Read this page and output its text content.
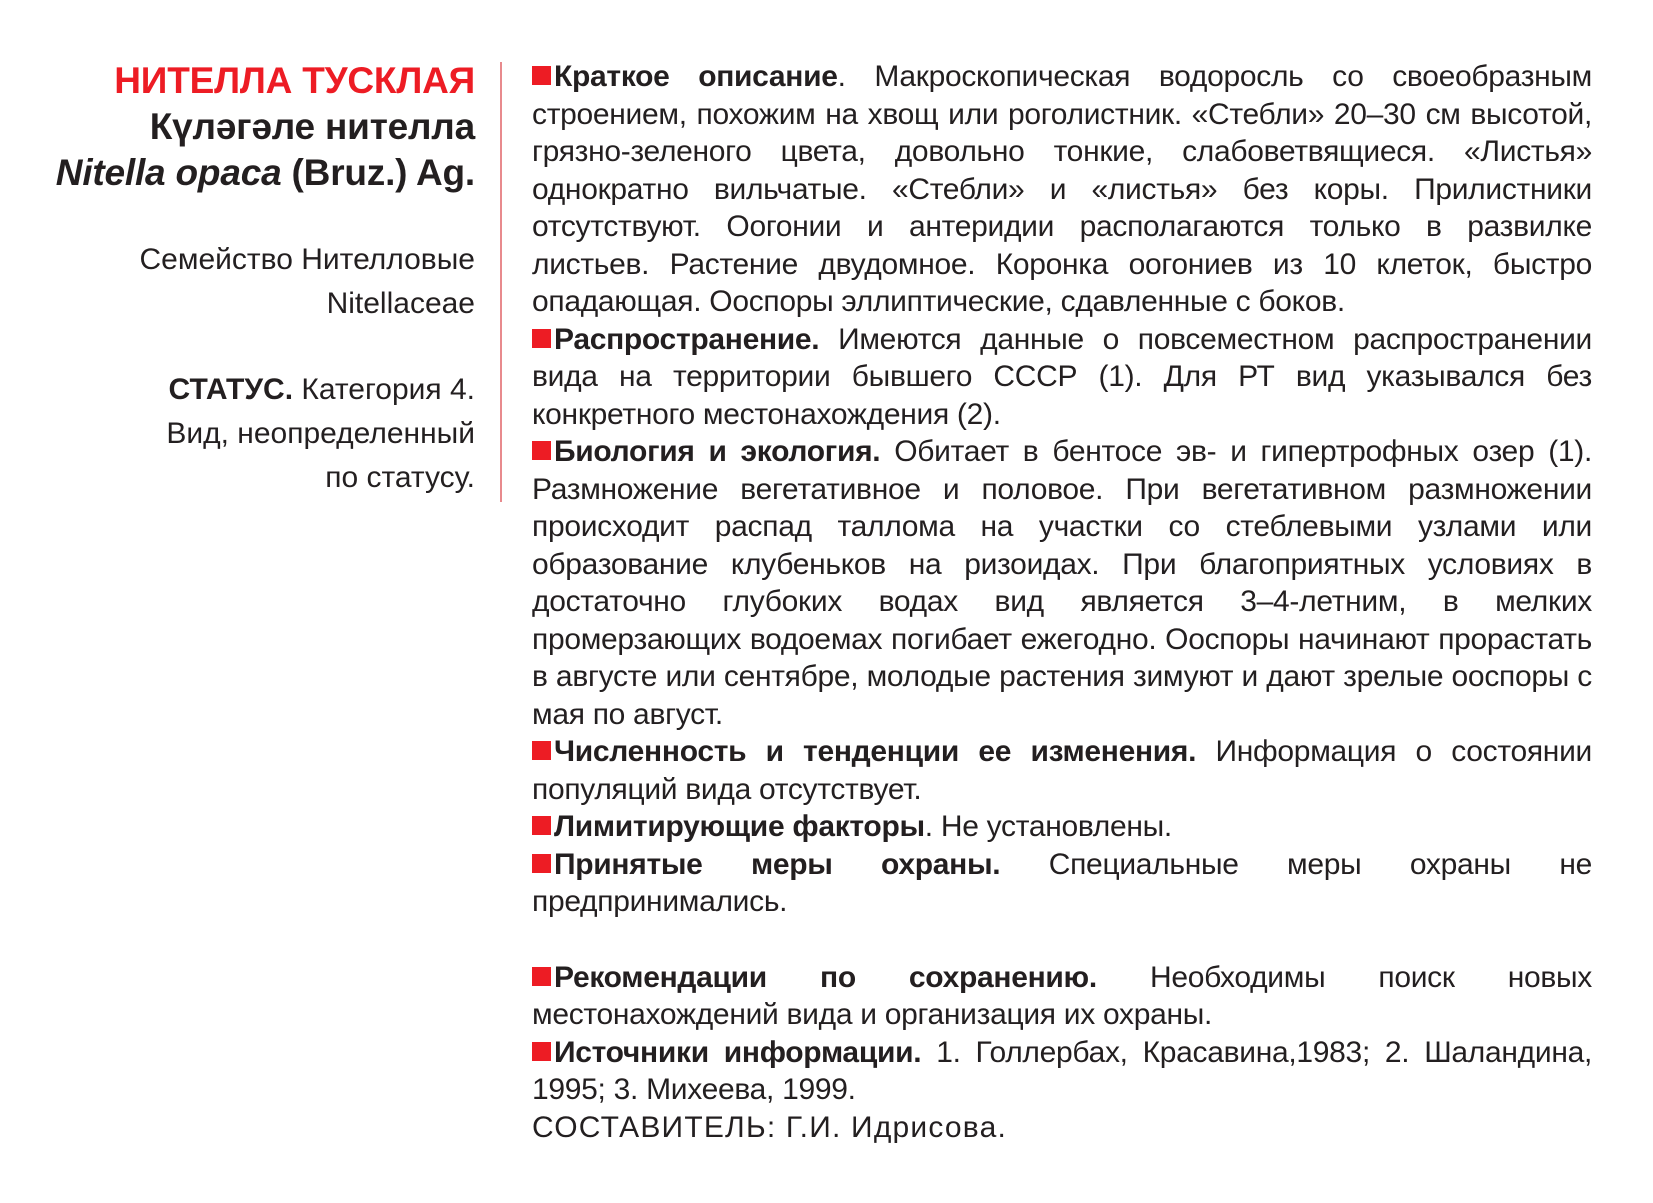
НИТЕЛЛА ТУСКЛАЯ
Күләгәле нителла
Nitella opaca (Bruz.) Ag.
Семейство Нителловые
Nitellaceae
СТАТУС. Категория 4.
Вид, неопределенный
по статусу.

Краткое описание. Макроскопическая водоросль со своеобразным строением, похожим на хвощ или роголистник. «Стебли» 20–30 см высотой, грязно-зеленого цвета, довольно тонкие, слабоветвящиеся. «Листья» однократно вильчатые. «Стебли» и «листья» без коры. Прилистники отсутствуют. Оогонии и антеридии располагаются только в развилке листьев. Растение двудомное. Коронка оогониев из 10 клеток, быстро опадающая. Ооспоры эллиптические, сдавленные с боков.

Распространение. Имеются данные о повсеместном распространении вида на территории бывшего СССР (1). Для РТ вид указывался без конкретного местонахождения (2).

Биология и экология. Обитает в бентосе эв- и гипертрофных озер (1). Размножение вегетативное и половое. При вегетативном размножении происходит распад таллома на участки со стеблевыми узлами или образование клубеньков на ризоидах. При благоприятных условиях в достаточно глубоких водах вид является 3–4-летним, в мелких промерзающих водоемах погибает ежегодно. Ооспоры начинают прорастать в августе или сентябре, молодые растения зимуют и дают зрелые ооспоры с мая по август.

Численность и тенденции ее изменения. Информация о состоянии популяций вида отсутствует.

Лимитирующие факторы. Не установлены.

Принятые меры охраны. Специальные меры охраны не предпринимались.

Рекомендации по сохранению. Необходимы поиск новых местонахождений вида и организация их охраны.

Источники информации. 1. Голлербах, Красавина,1983; 2. Шаландина, 1995; 3. Михеева, 1999.

СОСТАВИТЕЛЬ: Г.И. Идрисова.
